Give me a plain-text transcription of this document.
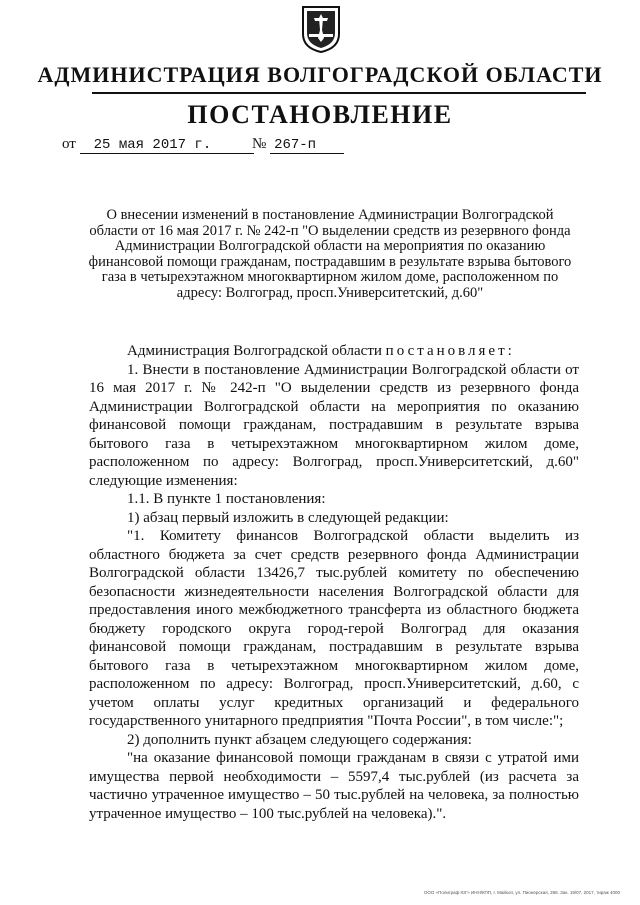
АДМИНИСТРАЦИЯ ВОЛГОГРАДСКОЙ ОБЛАСТИ
ПОСТАНОВЛЕНИЕ
от 25 мая 2017 г.	№ 267-п
О внесении изменений в постановление Администрации Волгоградской области от 16 мая 2017 г. № 242-п "О выделении средств из резервного фонда Администрации Волгоградской области на мероприятия по оказанию финансовой помощи гражданам, пострадавшим в результате взрыва бытового газа в четырехэтажном многоквартирном жилом доме, расположенном по адресу: Волгоград, просп.Университетский, д.60"

Администрация Волгоградской области постановляет:

1. Внести в постановление Администрации Волгоградской области от 16 мая 2017 г. № 242-п "О выделении средств из резервного фонда Администрации Волгоградской области на мероприятия по оказанию финансовой помощи гражданам, пострадавшим в результате взрыва бытового газа в четырехэтажном многоквартирном жилом доме, расположенном по адресу: Волгоград, просп.Университетский, д.60" следующие изменения:

1.1. В пункте 1 постановления:

1) абзац первый изложить в следующей редакции:

"1. Комитету финансов Волгоградской области выделить из областного бюджета за счет средств резервного фонда Администрации Волгоградской области 13426,7 тыс.рублей комитету по обеспечению безопасности жизнедеятельности населения Волгоградской области для предоставления иного межбюджетного трансферта из областного бюджета бюджету городского округа город-герой Волгоград для оказания финансовой помощи гражданам, пострадавшим в результате взрыва бытового газа в четырехэтажном многоквартирном жилом доме, расположенном по адресу: Волгоград, просп.Университетский, д.60, с учетом оплаты услуг кредитных организаций и федерального государственного унитарного предприятия "Почта России", в том числе:";

2) дополнить пункт абзацем следующего содержания:

"на оказание финансовой помощи гражданам в связи с утратой ими имущества первой необходимости – 5597,4 тыс.рублей (из расчета за частично утраченное имущество – 50 тыс.рублей на человека, за полностью утраченное имущество – 100 тыс.рублей на человека).".

ООО «Полиграф ЮГ» ИНН/КПП, г. Майкоп, ул. Пионерская, 268. Зак. 19/07, 2017, тираж 4000
